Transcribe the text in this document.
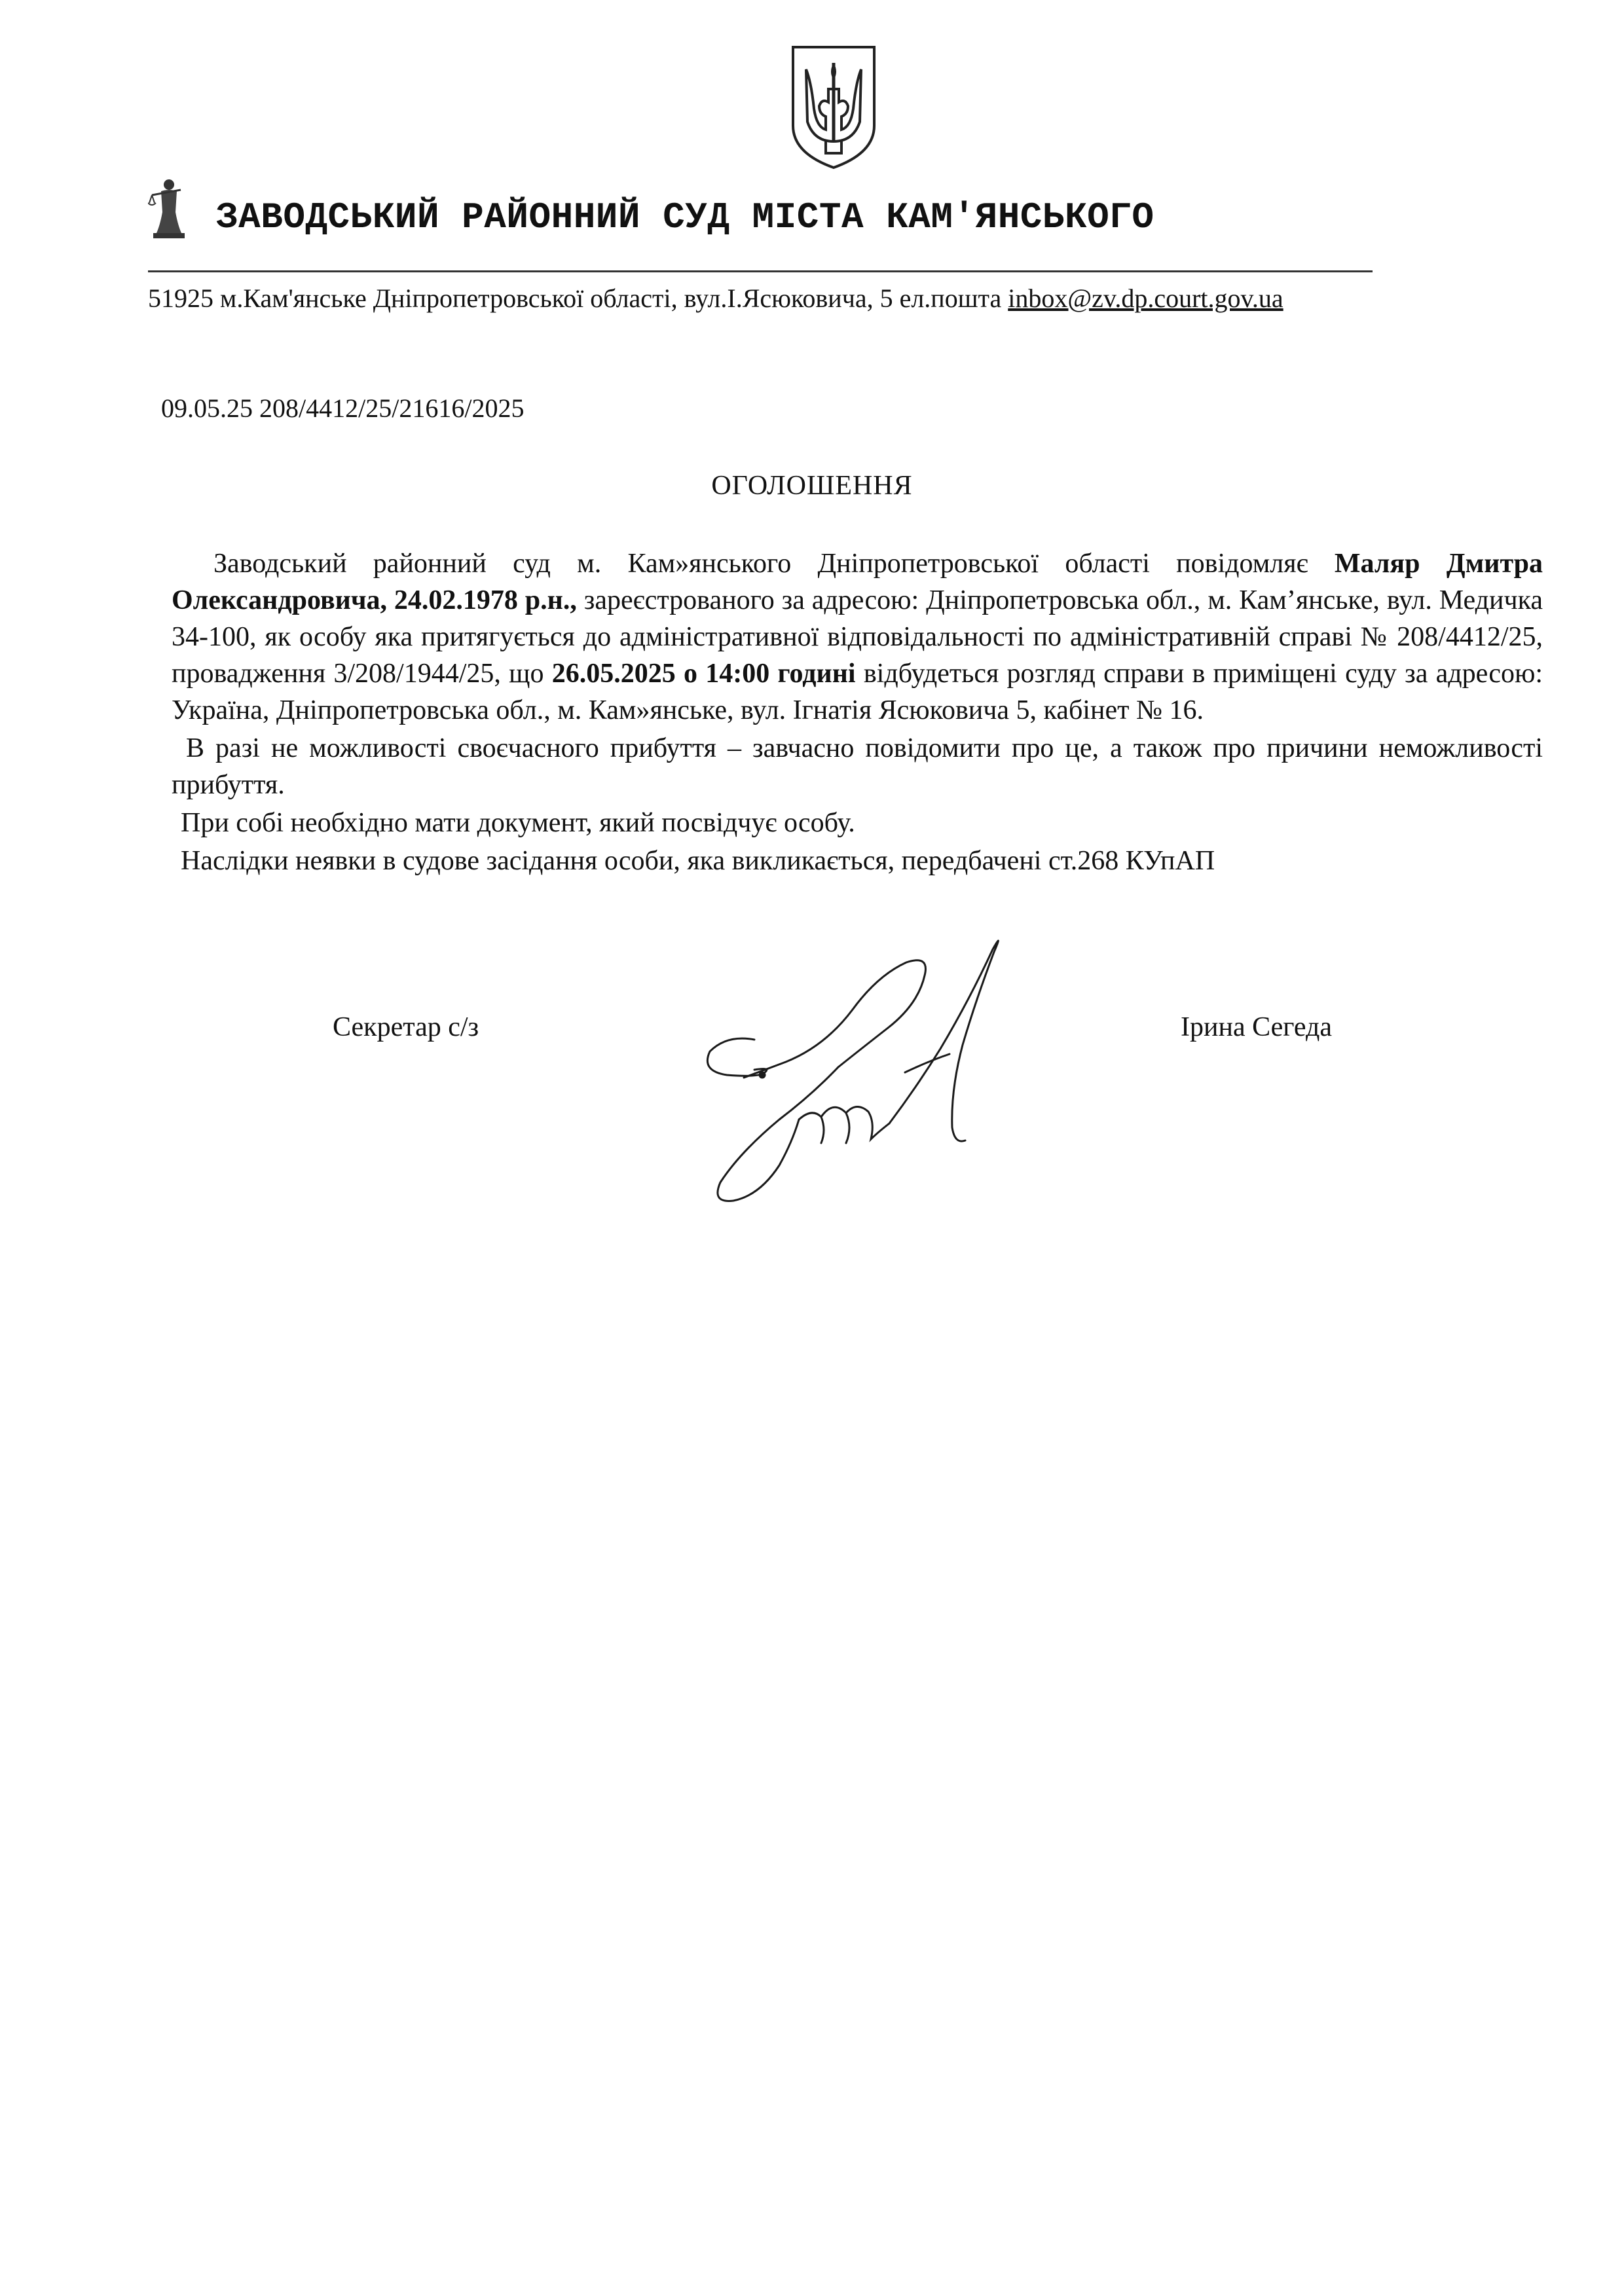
ЗАВОДСЬКИЙ РАЙОННИЙ СУД МІСТА КАМ'ЯНСЬКОГО
51925 м.Кам'янське Дніпропетровської області, вул.І.Ясюковича, 5 ел.пошта inbox@zv.dp.court.gov.ua
09.05.25 208/4412/25/21616/2025
ОГОЛОШЕННЯ

Заводський районний суд м. Кам»янського Дніпропетровської області повідомляє Маляр Дмитра Олександровича, 24.02.1978 р.н., зареєстрованого за адресою: Дніпропетровська обл., м. Кам’янське, вул. Медичка 34-100, як особу яка притягується до адміністративної відповідальності по адміністративній справі № 208/4412/25, провадження 3/208/1944/25, що 26.05.2025 о 14:00 годині відбудеться розгляд справи в приміщені суду за адресою: Україна, Дніпропетровська обл., м. Кам»янське, вул. Ігнатія Ясюковича 5, кабінет № 16.

В разі не можливості своєчасного прибуття – завчасно повідомити про це, а також про причини неможливості прибуття.

При собі необхідно мати документ, який посвідчує особу.

Наслідки неявки в судове засідання особи, яка викликається, передбачені ст.268 КУпАП

Секретар с/з	Ірина Сегеда
